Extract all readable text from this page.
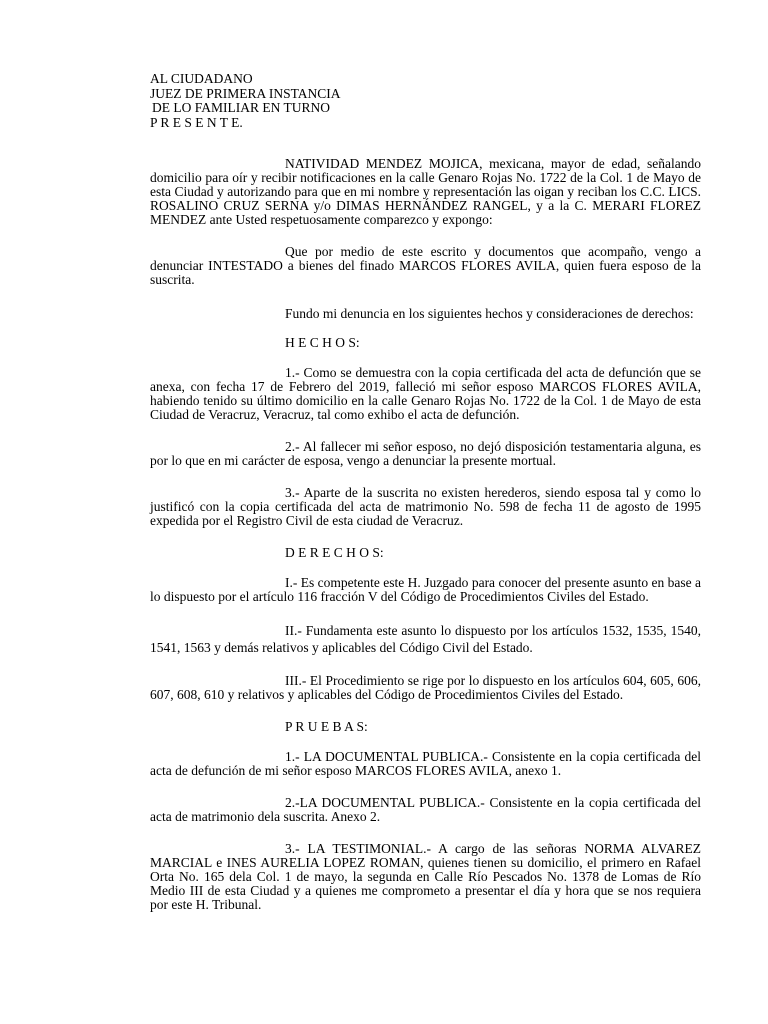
AL CIUDADANO
JUEZ DE PRIMERA INSTANCIA
DE LO FAMILIAR EN TURNO
P R E S E N T E.

NATIVIDAD MENDEZ MOJICA, mexicana, mayor de edad, señalando domicilio para oír y recibir notificaciones en la calle Genaro Rojas No. 1722 de la Col. 1 de Mayo de esta Ciudad y autorizando para que en mi nombre y representación las oigan y reciban los C.C. LICS. ROSALINO CRUZ SERNA y/o DIMAS HERNÁNDEZ RANGEL, y a la C. MERARI FLOREZ MENDEZ ante Usted respetuosamente comparezco y expongo:

Que por medio de este escrito y documentos que acompaño, vengo a denunciar INTESTADO a bienes del finado MARCOS FLORES AVILA, quien fuera esposo de la suscrita.

Fundo mi denuncia en los siguientes hechos y consideraciones de derechos:

H E C H O S:

1.- Como se demuestra con la copia certificada del acta de defunción que se anexa, con fecha 17 de Febrero del 2019, falleció mi señor esposo MARCOS FLORES AVILA, habiendo tenido su último domicilio en la calle Genaro Rojas No. 1722 de la Col. 1 de Mayo de esta Ciudad de Veracruz, Veracruz, tal como exhibo el acta de defunción.

2.- Al fallecer mi señor esposo, no dejó disposición testamentaria alguna, es por lo que en mi carácter de esposa, vengo a denunciar la presente mortual.

3.- Aparte de la suscrita no existen herederos, siendo esposa tal y como lo justificó con la copia certificada del acta de matrimonio No. 598 de fecha 11 de agosto de 1995 expedida por el Registro Civil de esta ciudad de Veracruz.

D E R E C H O S:

I.- Es competente este H. Juzgado para conocer del presente asunto en base a lo dispuesto por el artículo 116 fracción V del Código de Procedimientos Civiles del Estado.

II.- Fundamenta este asunto lo dispuesto por los artículos 1532, 1535, 1540, 1541, 1563 y demás relativos y aplicables del Código Civil del Estado.

III.- El Procedimiento se rige por lo dispuesto en los artículos 604, 605, 606, 607, 608, 610 y relativos y aplicables del Código de Procedimientos Civiles del Estado.

P R U E B A S:

1.- LA DOCUMENTAL PUBLICA.- Consistente en la copia certificada del acta de defunción de mi señor esposo MARCOS FLORES AVILA, anexo 1.

2.-LA DOCUMENTAL PUBLICA.- Consistente en la copia certificada del acta de matrimonio dela suscrita. Anexo 2.

3.- LA TESTIMONIAL.- A cargo de las señoras NORMA ALVAREZ MARCIAL e INES AURELIA LOPEZ ROMAN, quienes tienen su domicilio, el primero en Rafael Orta No. 165 dela Col. 1 de mayo, la segunda en Calle Río Pescados No. 1378 de Lomas de Río Medio III de esta Ciudad y a quienes me comprometo a presentar el día y hora que se nos requiera por este H. Tribunal.
